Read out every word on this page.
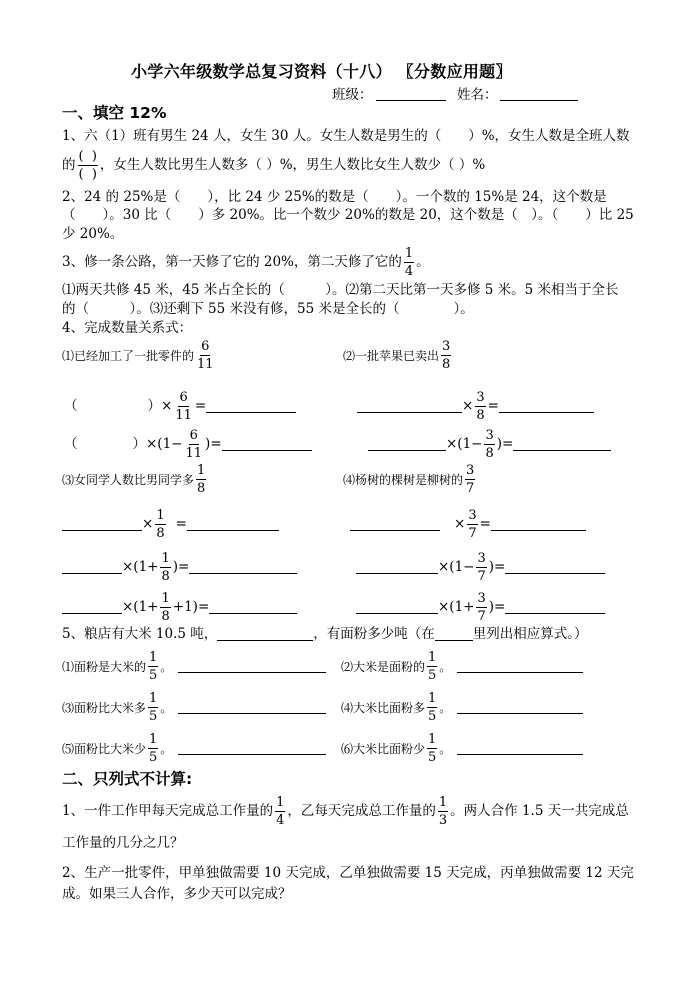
小学六年级数学总复习资料（十八） 〖分数应用题〗
班级：	姓名：
一、填空 12%
1、六（1）班有男生 24 人，女生 30 人。女生人数是男生的（　　）%，女生人数是全班人数
的 $\frac{( )}{( )}$ ，女生人数比男生人数多（ ）%，男生人数比女生人数少（ ）%
2、24 的 25%是（　　），比 24 少 25%的数是（　　）。一个数的 15%是 24，这个数是
（　　）。30 比（　　）多 20%。比一个数少 20%的数是 20，这个数是（　）。（　　）比 25
少 20%。
3、修一条公路，第一天修了它的 20%，第二天修了它的 $\frac{1}{4}$ 。
⑴两天共修 45 米，45 米占全长的（　　　）。⑵第二天比第一天多修 5 米。5 米相当于全长
的（　　　）。⑶还剩下 55 米没有修，55 米是全长的（　　　　）。
4、完成数量关系式：
⑴已经加工了一批零件的 $\frac{6}{11}$	⑵一批苹果已卖出 $\frac{3}{8}$
（	） × $\frac{6}{11}$ =	× $\frac{3}{8}$ =
（	） $\times(1- \frac{6}{11}$ ) =	$\times(1- \frac{3}{8}$ ) =
⑶女同学人数比男同学多 $\frac{1}{8}$	⑷杨树的棵树是柳树的 $\frac{3}{7}$
× $\frac{1}{8}$ =	× $\frac{3}{7}$ =
$\times(1+ \frac{1}{8}$ ) =	$\times(1- \frac{3}{7}$ ) =
$\times(1+ \frac{1}{8} +1)$ =	$\times(1+ \frac{3}{7}$ ) =
5、粮店有大米 10.5 吨，	，有面粉多少吨（在	里列出相应算式。）
⑴面粉是大米的 $\frac{1}{5}$ 。	⑵大米是面粉的 $\frac{1}{5}$ 。
⑶面粉比大米多 $\frac{1}{5}$ 。	⑷大米比面粉多 $\frac{1}{5}$ 。
⑸面粉比大米少 $\frac{1}{5}$ 。	⑹大米比面粉少 $\frac{1}{5}$ 。
二、只列式不计算:
1、一件工作甲每天完成总工作量的 $\frac{1}{4}$ ，乙每天完成总工作量的 $\frac{1}{3}$ 。两人合作 1.5 天一共完成总
工作量的几分之几？
2、生产一批零件，甲单独做需要 10 天完成，乙单独做需要 15 天完成，丙单独做需要 12 天完
成。如果三人合作，多少天可以完成？
